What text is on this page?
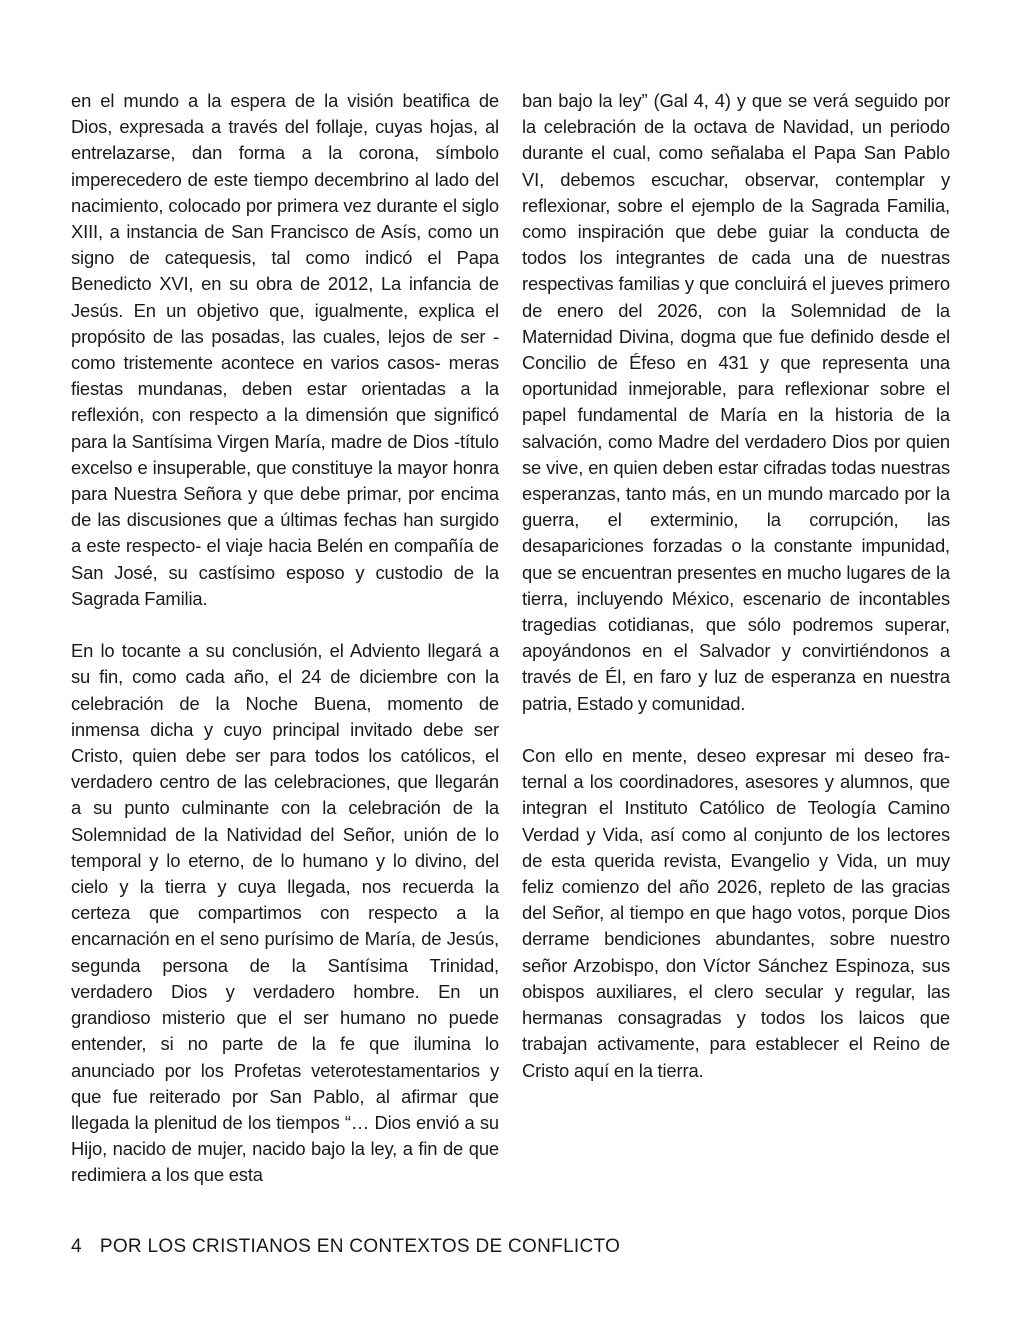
en el mundo a la espera de la visión beatifica de Dios, expresada a través del follaje, cuyas hojas, al entrelazarse, dan forma a la corona, símbolo imperecedero de este tiempo decembrino al lado del nacimiento, colocado por primera vez durante el siglo XIII, a instancia de San Francisco de Asís, como un signo de catequesis, tal como indicó el Papa Benedicto XVI, en su obra de 2012, La infancia de Jesús. En un objetivo que, igualmente, explica el propósito de las posadas, las cuales, lejos de ser -como tristemente acontece en varios casos- meras fiestas mundanas, deben estar orientadas a la reflexión, con respecto a la dimensión que significó para la Santísima Virgen María, madre de Dios -título excelso e insuperable, que constituye la mayor honra para Nuestra Señora y que debe primar, por encima de las discusiones que a últimas fechas han surgido a este respecto- el viaje hacia Belén en compañía de San José, su castísimo esposo y custodio de la Sagrada Familia.

En lo tocante a su conclusión, el Adviento llegará a su fin, como cada año, el 24 de diciembre con la celebración de la Noche Buena, momento de inmensa dicha y cuyo principal invitado debe ser Cristo, quien debe ser para todos los católicos, el verdadero centro de las celebraciones, que llegarán a su punto culminante con la celebración de la Solemnidad de la Natividad del Señor, unión de lo temporal y lo eterno, de lo humano y lo divino, del cielo y la tierra y cuya llegada, nos recuerda la certeza que compartimos con respecto a la encarnación en el seno purísimo de María, de Jesús, segunda persona de la Santísima Trinidad, verdadero Dios y verdadero hombre. En un grandioso misterio que el ser humano no puede entender, si no parte de la fe que ilumina lo anunciado por los Profetas veterotestamentarios y que fue reiterado por San Pablo, al afirmar que llegada la plenitud de los tiempos “… Dios envió a su Hijo, nacido de mujer, nacido bajo la ley, a fin de que redimiera a los que esta

ban bajo la ley” (Gal 4, 4) y que se verá seguido por la celebración de la octava de Navidad, un periodo durante el cual, como señalaba el Papa San Pablo VI, debemos escuchar, observar, contemplar y reflexionar, sobre el ejemplo de la Sagrada Familia, como inspiración que debe guiar la conducta de todos los integrantes de cada una de nuestras respectivas familias y que concluirá el jueves primero de enero del 2026, con la Solemnidad de la Maternidad Divina, dogma que fue definido desde el Concilio de Éfeso en 431 y que representa una oportunidad inmejorable, para reflexionar sobre el papel fundamental de María en la historia de la salvación, como Madre del verdadero Dios por quien se vive, en quien deben estar cifradas todas nuestras esperanzas, tanto más, en un mundo marcado por la guerra, el exterminio, la corrupción, las desapariciones forzadas o la constante impunidad, que se encuentran presentes en mucho lugares de la tierra, incluyendo México, escenario de incontables tragedias cotidianas, que sólo podremos superar, apoyándonos en el Salvador y convirtiéndonos a través de Él, en faro y luz de esperanza en nuestra patria, Estado y comunidad.

Con ello en mente, deseo expresar mi deseo fraternal a los coordinadores, asesores y alumnos, que integran el Instituto Católico de Teología Camino Verdad y Vida, así como al conjunto de los lectores de esta querida revista, Evangelio y Vida, un muy feliz comienzo del año 2026, repleto de las gracias del Señor, al tiempo en que hago votos, porque Dios derrame bendiciones abundantes, sobre nuestro señor Arzobispo, don Víctor Sánchez Espinoza, sus obispos auxiliares, el clero secular y regular, las hermanas consagradas y todos los laicos que trabajan activamente, para establecer el Reino de Cristo aquí en la tierra.

4 POR LOS CRISTIANOS EN CONTEXTOS DE CONFLICTO
